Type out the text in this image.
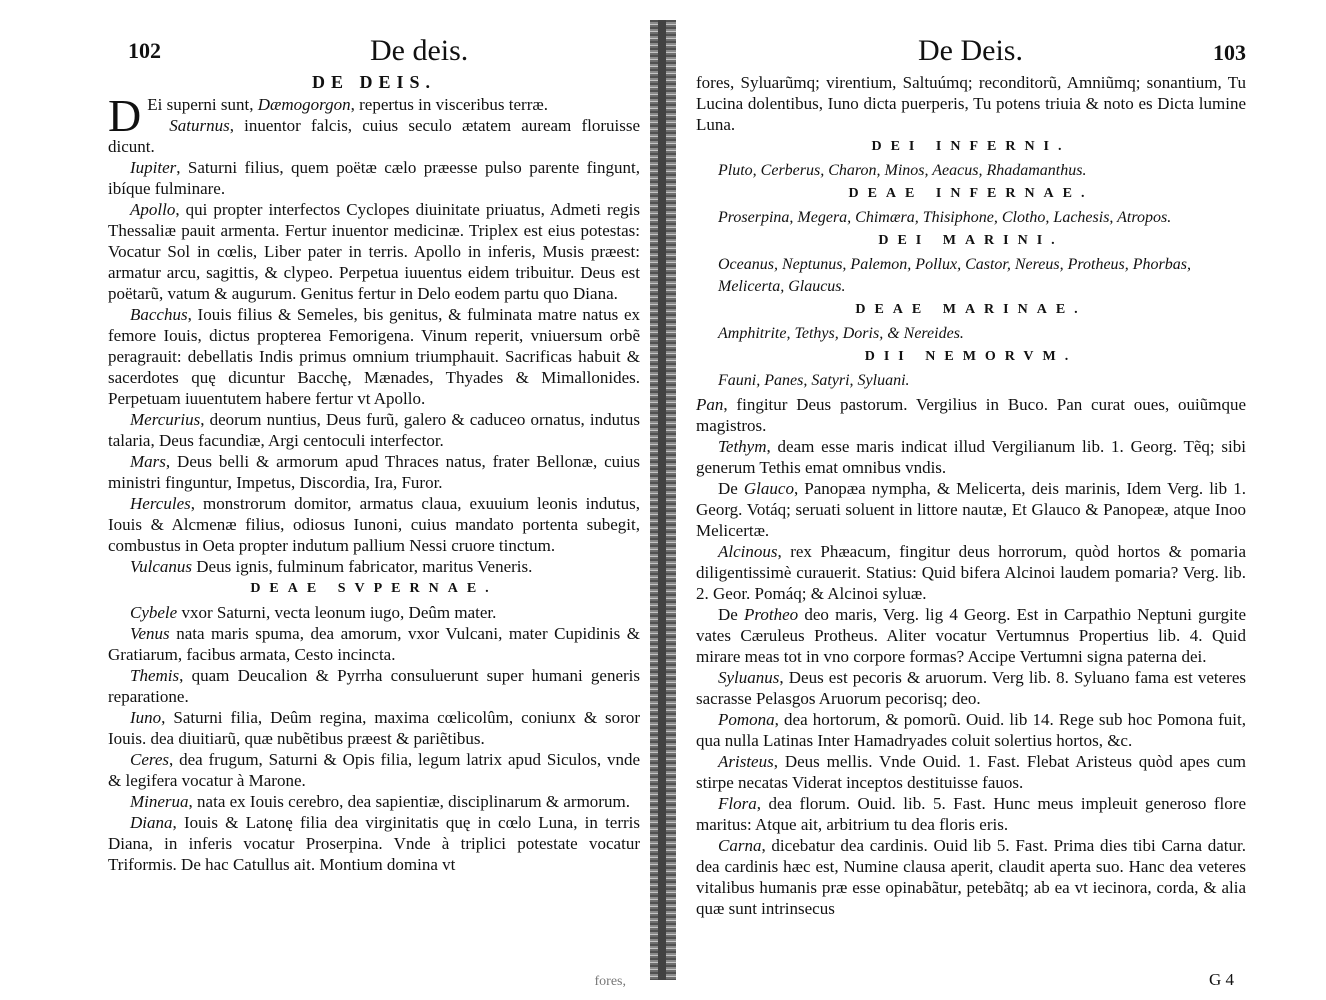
102	De deis.
DE DEIS.

D Ei superni sunt, Dæmogorgon, repertus in visceribus terræ.

Saturnus, inuentor falcis, cuius seculo ætatem auream floruisse dicunt.

Iupiter, Saturni filius, quem poëtæ cælo præesse pulso parente fingunt, ibíque fulminare.

Apollo, qui propter interfectos Cyclopes diuinitate priuatus, Admeti regis Thessaliæ pauit armenta. Fertur inuentor medicinæ. Triplex est eius potestas: Vocatur Sol in cœlis, Liber pater in terris. Apollo in inferis, Musis præest: armatur arcu, sagittis, & clypeo. Perpetua iuuentus eidem tribuitur. Deus est poëtarũ, vatum & augurum. Genitus fertur in Delo eodem partu quo Diana.

Bacchus, Iouis filius & Semeles, bis genitus, & fulminata matre natus ex femore Iouis, dictus propterea Femorigena. Vinum reperit, vniuersum orbẽ peragrauit: debellatis Indis primus omnium triumphauit. Sacrificas habuit & sacerdotes quę dicuntur Bacchę, Mænades, Thyades & Mimallonides. Perpetuam iuuentutem habere fertur vt Apollo.

Mercurius, deorum nuntius, Deus furũ, galero & caduceo ornatus, indutus talaria, Deus facundiæ, Argi centoculi interfector.

Mars, Deus belli & armorum apud Thraces natus, frater Bellonæ, cuius ministri finguntur, Impetus, Discordia, Ira, Furor.

Hercules, monstrorum domitor, armatus claua, exuuium leonis indutus, Iouis & Alcmenæ filius, odiosus Iunoni, cuius mandato portenta subegit, combustus in Oeta propter indutum pallium Nessi cruore tinctum.

Vulcanus Deus ignis, fulminum fabricator, maritus Veneris.

DEAE SVPERNAE.

Cybele vxor Saturni, vecta leonum iugo, Deûm mater.

Venus nata maris spuma, dea amorum, vxor Vulcani, mater Cupidinis & Gratiarum, facibus armata, Cesto incincta.

Themis, quam Deucalion & Pyrrha consuluerunt super humani generis reparatione.

Iuno, Saturni filia, Deûm regina, maxima cœlicolûm, coniunx & soror Iouis. dea diuitiarũ, quæ nubẽtibus præest & pariẽtibus.

Ceres, dea frugum, Saturni & Opis filia, legum latrix apud Siculos, vnde & legifera vocatur à Marone.

Minerua, nata ex Iouis cerebro, dea sapientiæ, disciplinarum & armorum.

Diana, Iouis & Latonę filia dea virginitatis quę in cœlo Luna, in terris Diana, in inferis vocatur Proserpina. Vnde à triplici potestate vocatur Triformis. De hac Catullus ait. Montium domina vt

fores,
De Deis.	103

fores, Syluarũmq; virentium, Saltuúmq; reconditorũ, Amniũmq; sonantium, Tu Lucina dolentibus, Iuno dicta puerperis, Tu potens triuia & noto es Dicta lumine Luna.

DEI INFERNI.
Pluto, Cerberus, Charon, Minos, Aeacus, Rhadamanthus.
DEAE INFERNAE.
Proserpina, Megera, Chimæra, Thisiphone, Clotho, Lachesis, Atropos.
DEI MARINI.
Oceanus, Neptunus, Palemon, Pollux, Castor, Nereus, Protheus, Phorbas, Melicerta, Glaucus.
DEAE MARINAE.
Amphitrite, Tethys, Doris, & Nereides.
DII NEMORVM.
Fauni, Panes, Satyri, Syluani.

Pan, fingitur Deus pastorum. Vergilius in Buco. Pan curat oues, ouiũmque magistros.

Tethym, deam esse maris indicat illud Vergilianum lib. 1. Georg. Tẽq; sibi generum Tethis emat omnibus vndis.

De Glauco, Panopæa nympha, & Melicerta, deis marinis, Idem Verg. lib 1. Georg. Votáq; seruati soluent in littore nautæ, Et Glauco & Panopeæ, atque Inoo Melicertæ.

Alcinous, rex Phæacum, fingitur deus horrorum, quòd hortos & pomaria diligentissimè curauerit. Statius: Quid bifera Alcinoi laudem pomaria? Verg. lib. 2. Geor. Pomáq; & Alcinoi syluæ.

De Protheo deo maris, Verg. lig 4 Georg. Est in Carpathio Neptuni gurgite vates Cæruleus Protheus. Aliter vocatur Vertumnus Propertius lib. 4. Quid mirare meas tot in vno corpore formas? Accipe Vertumni signa paterna dei.

Syluanus, Deus est pecoris & aruorum. Verg lib. 8. Syluano fama est veteres sacrasse Pelasgos Aruorum pecorisq; deo.

Pomona, dea hortorum, & pomorũ. Ouid. lib 14. Rege sub hoc Pomona fuit, qua nulla Latinas Inter Hamadryades coluit solertius hortos, &c.

Aristeus, Deus mellis. Vnde Ouid. 1. Fast. Flebat Aristeus quòd apes cum stirpe necatas Viderat inceptos destituisse fauos.

Flora, dea florum. Ouid. lib. 5. Fast. Hunc meus impleuit generoso flore maritus: Atque ait, arbitrium tu dea floris eris.

Carna, dicebatur dea cardinis. Ouid lib 5. Fast. Prima dies tibi Carna datur. dea cardinis hæc est, Numine clausa aperit, claudit aperta suo. Hanc dea veteres vitalibus humanis præ esse opinabãtur, petebãtq; ab ea vt iecinora, corda, & alia quæ sunt intrinsecus

G 4
